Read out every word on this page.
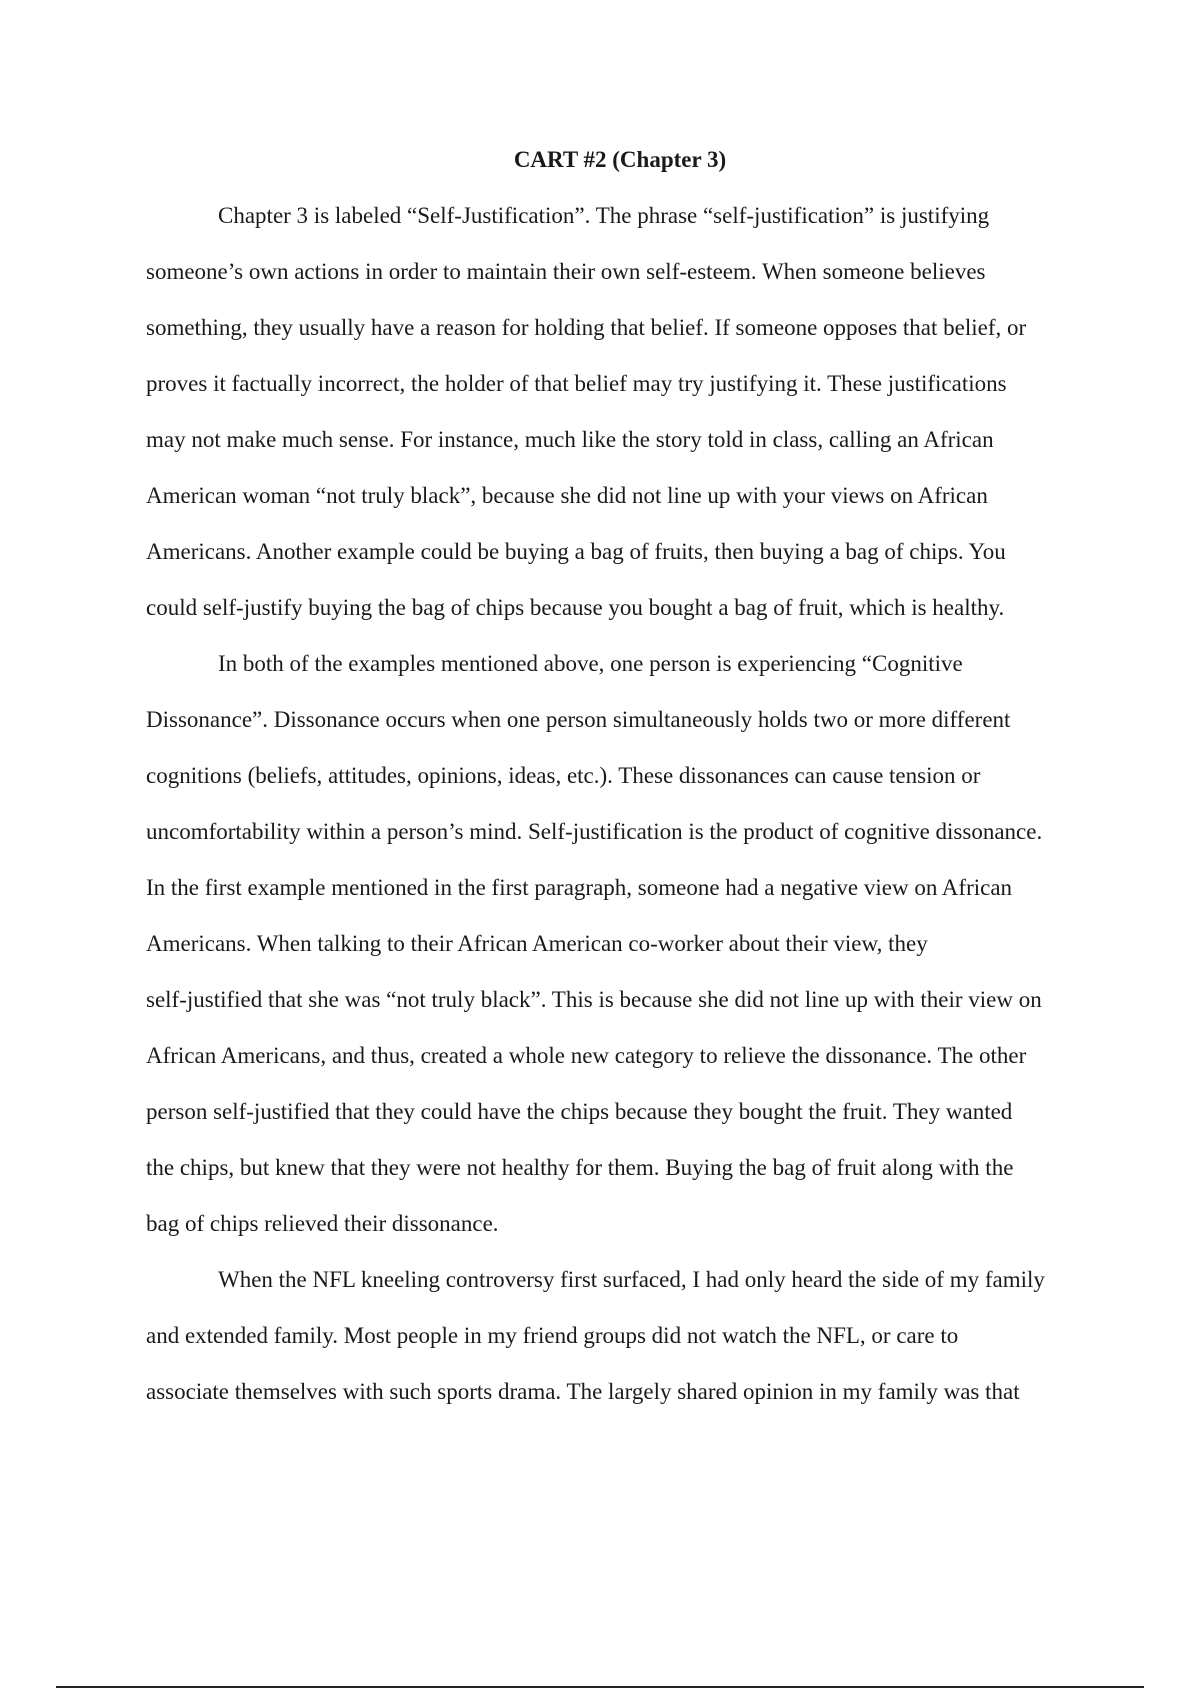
CART #2 (Chapter 3)

Chapter 3 is labeled “Self-Justification”. The phrase “self-justification” is justifying
someone’s own actions in order to maintain their own self-esteem. When someone believes
something, they usually have a reason for holding that belief. If someone opposes that belief, or
proves it factually incorrect, the holder of that belief may try justifying it. These justifications
may not make much sense. For instance, much like the story told in class, calling an African
American woman “not truly black”, because she did not line up with your views on African
Americans. Another example could be buying a bag of fruits, then buying a bag of chips. You
could self-justify buying the bag of chips because you bought a bag of fruit, which is healthy.

In both of the examples mentioned above, one person is experiencing “Cognitive
Dissonance”. Dissonance occurs when one person simultaneously holds two or more different
cognitions (beliefs, attitudes, opinions, ideas, etc.). These dissonances can cause tension or
uncomfortability within a person’s mind. Self-justification is the product of cognitive dissonance.
In the first example mentioned in the first paragraph, someone had a negative view on African
Americans. When talking to their African American co-worker about their view, they
self-justified that she was “not truly black”. This is because she did not line up with their view on
African Americans, and thus, created a whole new category to relieve the dissonance. The other
person self-justified that they could have the chips because they bought the fruit. They wanted
the chips, but knew that they were not healthy for them. Buying the bag of fruit along with the
bag of chips relieved their dissonance.

When the NFL kneeling controversy first surfaced, I had only heard the side of my family
and extended family. Most people in my friend groups did not watch the NFL, or care to
associate themselves with such sports drama. The largely shared opinion in my family was that
